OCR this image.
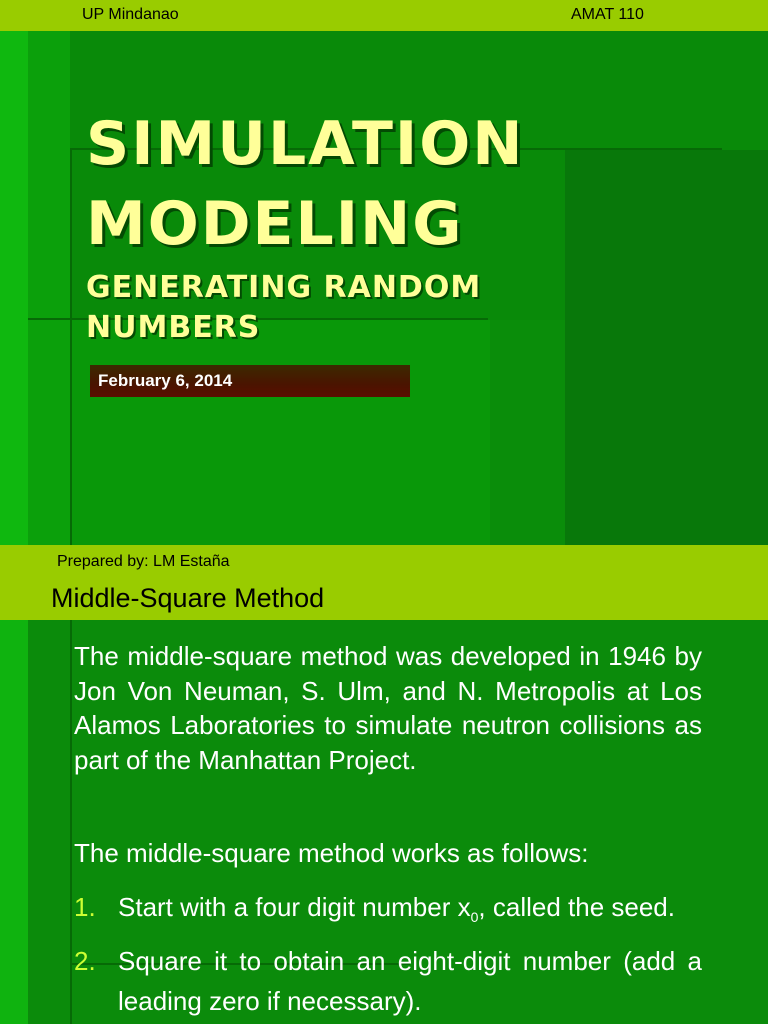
UP Mindanao	AMAT 110
SIMULATION
MODELING
GENERATING RANDOM
NUMBERS
February 6, 2014
Prepared by: LM Estaña
Middle-Square Method

The middle-square method was developed in 1946 by Jon Von Neuman, S. Ulm, and N. Metropolis at Los Alamos Laboratories to simulate neutron collisions as part of the Manhattan Project.

The middle-square method works as follows:

1. Start with a four digit number $x_0$, called the seed.
2. Square it to obtain an eight-digit number (add a leading zero if necessary).
